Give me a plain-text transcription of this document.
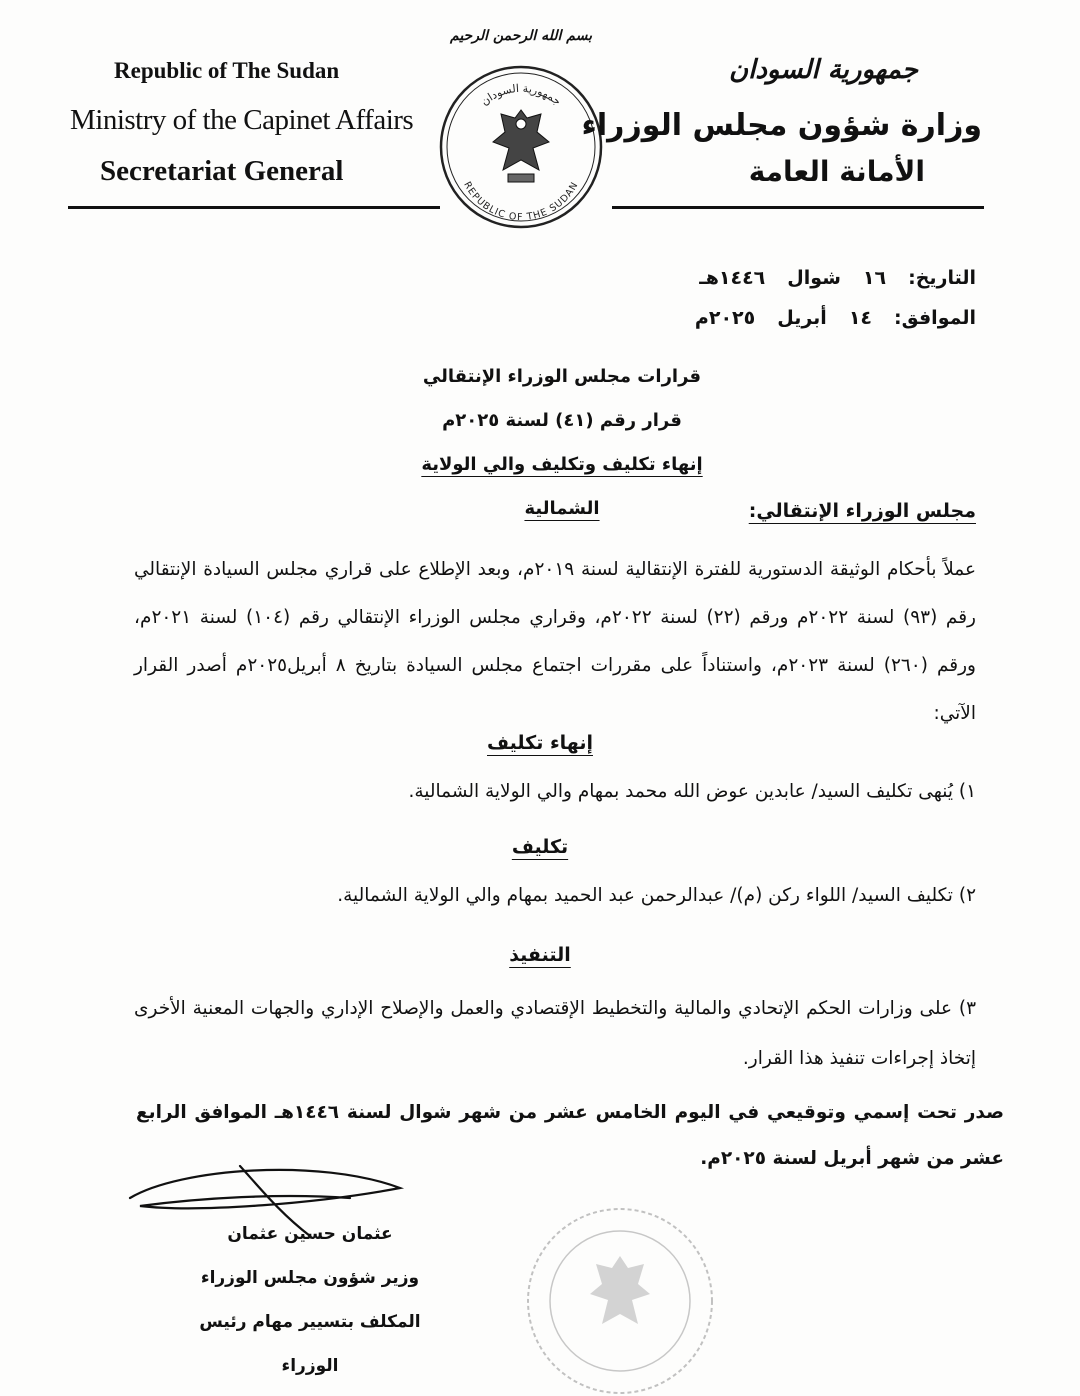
Republic of The Sudan
Ministry of the Capinet Affairs
Secretariat General
بسم الله الرحمن الرحيم
جمهورية السودان
REPUBLIC OF THE SUDAN
جمهورية السودان
وزارة شؤون مجلس الوزراء
الأمانة العامة
التاريخ:
١٦
شوال
١٤٤٦هـ
الموافق:
١٤
أبريل
٢٠٢٥م
قرارات مجلس الوزراء الإنتقالي
قرار رقم (٤١) لسنة ٢٠٢٥م
إنهاء تكليف وتكليف والي الولاية الشمالية	مجلس الوزراء الإنتقالي:
عملاً بأحكام الوثيقة الدستورية للفترة الإنتقالية لسنة ٢٠١٩م، وبعد الإطلاع على قراري مجلس السيادة الإنتقالي رقم (٩٣) لسنة ٢٠٢٢م ورقم (٢٢) لسنة ٢٠٢٢م، وقراري مجلس الوزراء الإنتقالي رقم (١٠٤) لسنة ٢٠٢١م، ورقم (٢٦٠) لسنة ٢٠٢٣م، واستناداً على مقررات اجتماع مجلس السيادة بتاريخ ٨ أبريل٢٠٢٥م أصدر القرار الآتي:
إنهاء تكليف
١) يُنهى تكليف السيد/ عابدين عوض الله محمد بمهام والي الولاية الشمالية.
تكليف
٢) تكليف السيد/ اللواء ركن (م)/ عبدالرحمن عبد الحميد بمهام والي الولاية الشمالية.
التنفيذ
٣) على وزارات الحكم الإتحادي والمالية والتخطيط الإقتصادي والعمل والإصلاح الإداري والجهات المعنية الأخرى إتخاذ إجراءات تنفيذ هذا القرار.
صدر تحت إسمي وتوقيعي في اليوم الخامس عشر من شهر شوال لسنة ١٤٤٦هـ الموافق الرابع عشر من شهر أبريل لسنة ٢٠٢٥م.
عثمان حسين عثمان
وزير شؤون مجلس الوزراء
المكلف بتسيير مهام رئيس الوزراء
